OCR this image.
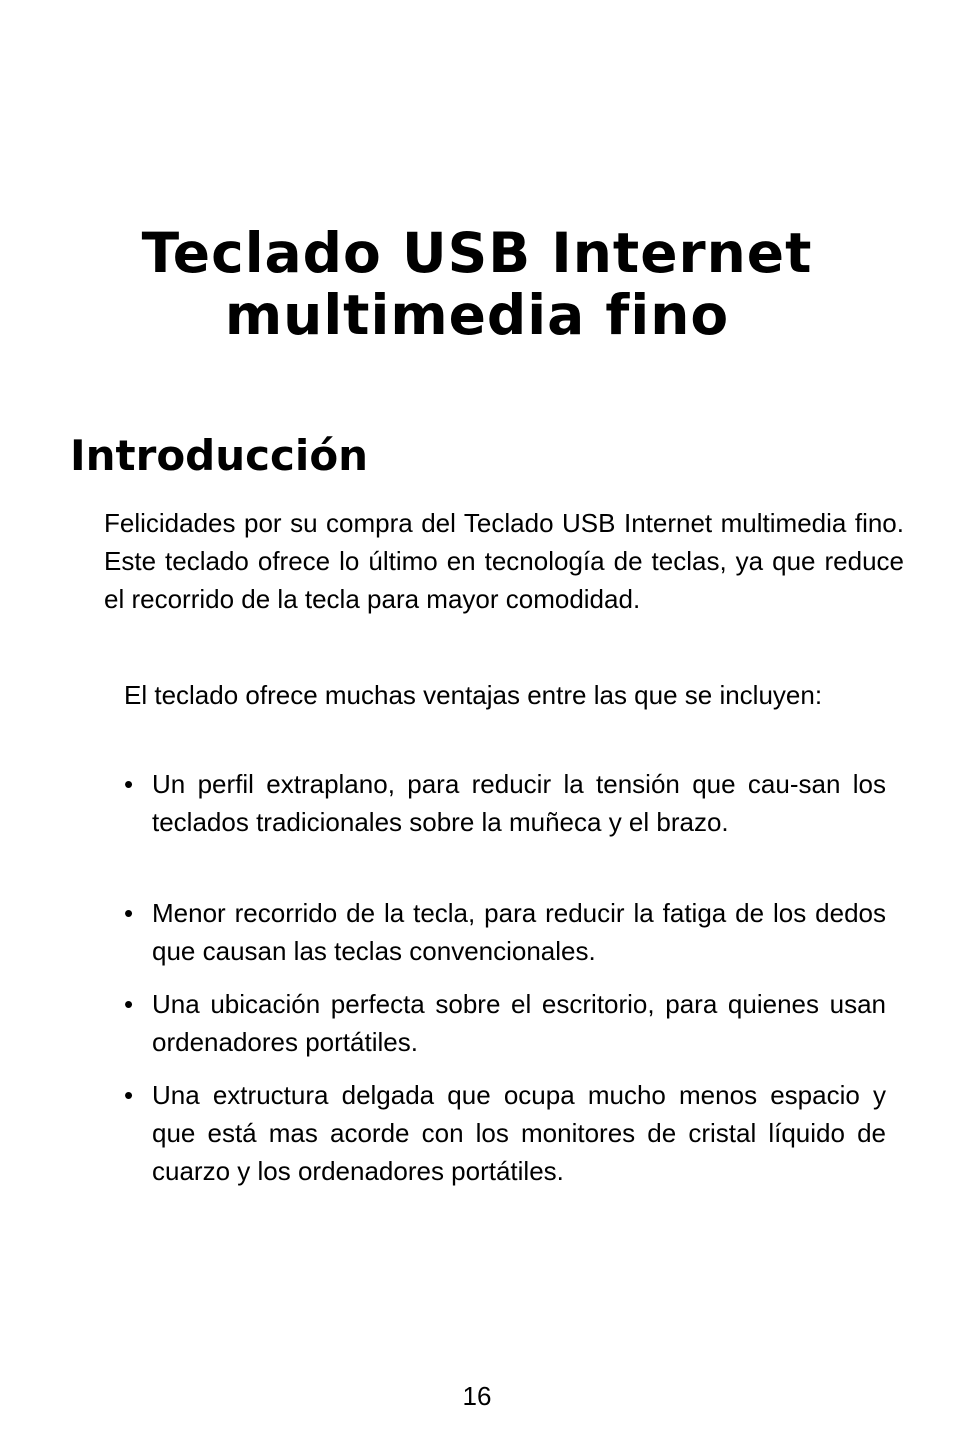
Teclado USB Internet
multimedia fino
Introducción

Felicidades por su compra del Teclado USB Internet multimedia fino. Este teclado ofrece lo último en tecnología de teclas, ya que reduce el recorrido de la tecla para mayor comodidad.

El teclado ofrece muchas ventajas entre las que se incluyen:

• Un perfil extraplano, para reducir la tensión que cau-san los teclados tradicionales sobre la muñeca y el brazo.
• Menor recorrido de la tecla, para reducir la fatiga de los dedos que causan las teclas convencionales.
• Una ubicación perfecta sobre el escritorio, para quienes usan ordenadores portátiles.
• Una extructura delgada que ocupa mucho menos espacio y que está mas acorde con los monitores de cristal líquido de cuarzo y los ordenadores portátiles.
16
